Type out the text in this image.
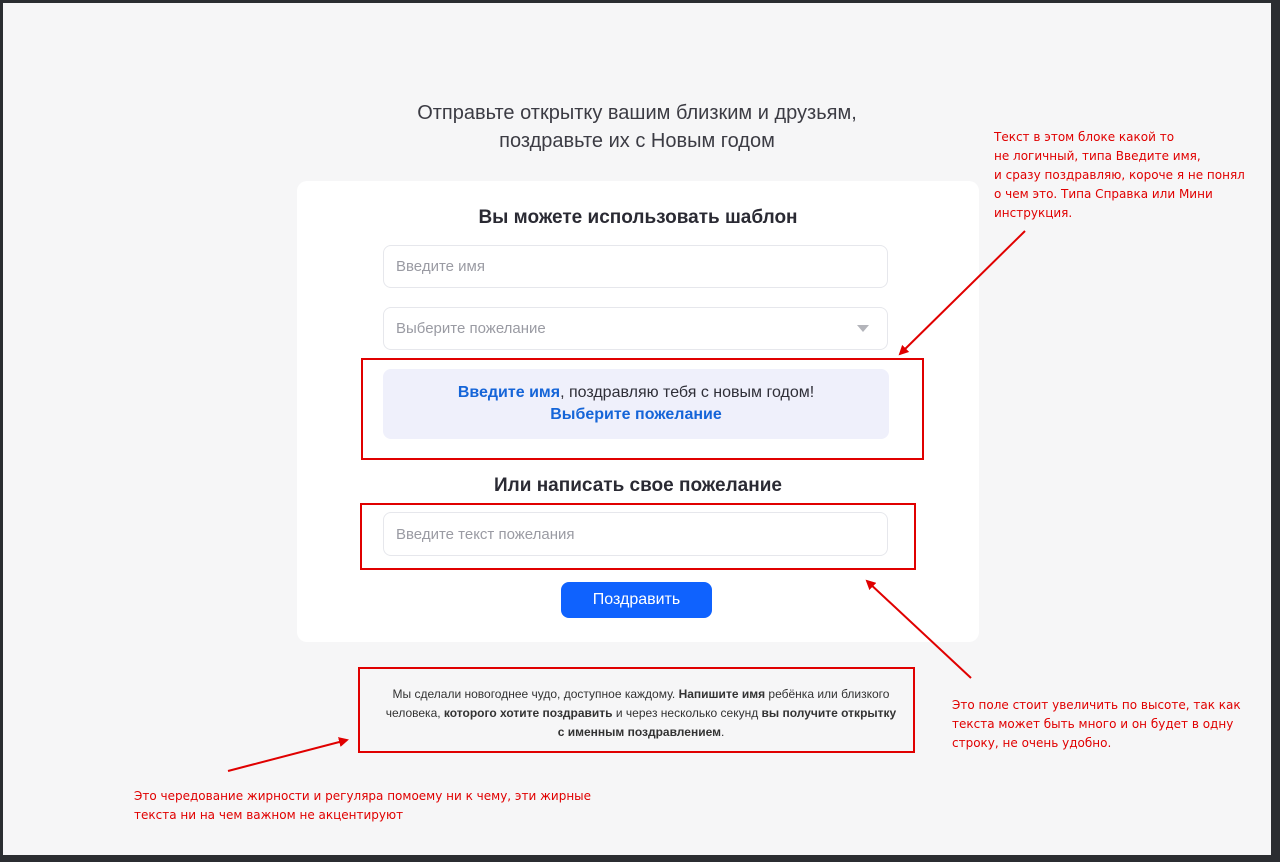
Отправьте открытку вашим близким и друзьям,
поздравьте их с Новым годом
Вы можете использовать шаблон
Введите имя
Выберите пожелание
Введите имя, поздравляю тебя с новым годом!
Выберите пожелание
Или написать свое пожелание
Введите текст пожелания
Поздравить
Мы сделали новогоднее чудо, доступное каждому. Напишите имя ребёнка или близкого человека, которого хотите поздравить и через несколько секунд вы получите открытку с именным поздравлением.
Текст в этом блоке какой то
не логичный, типа Введите имя,
и сразу поздравляю, короче я не понял
о чем это. Типа Справка или Мини
инструкция.
Это поле стоит увеличить по высоте, так как
текста может быть много и он будет в одну
строку, не очень удобно.
Это чередование жирности и регуляра помоему ни к чему, эти жирные
текста ни на чем важном не акцентируют
